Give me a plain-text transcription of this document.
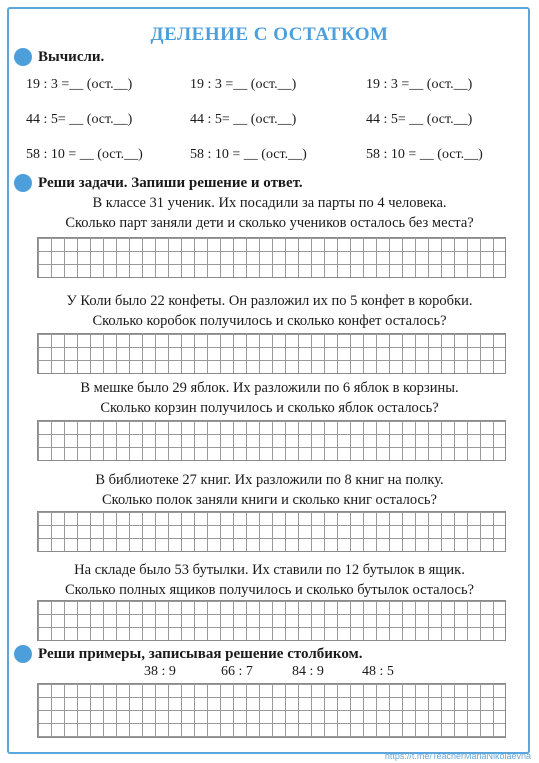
ДЕЛЕНИЕ С ОСТАТКОМ
Вычисли.
19 : 3 =__ (ост.__)	19 : 3 =__ (ост.__)	19 : 3 =__ (ост.__)
44 : 5= __ (ост.__)	44 : 5= __ (ост.__)	44 : 5= __ (ост.__)
58 : 10 = __ (ост.__)	58 : 10 = __ (ост.__)	58 : 10 = __ (ост.__)
Реши задачи. Запиши решение и ответ.
В классе 31 ученик. Их посадили за парты по 4 человека.
Сколько парт заняли дети и сколько учеников осталось без места?
У Коли было 22 конфеты. Он разложил их по 5 конфет в коробки.
Сколько коробок получилось и сколько конфет осталось?
В мешке было 29 яблок. Их разложили по 6 яблок в корзины.
Сколько корзин получилось и сколько яблок осталось?
В библиотеке 27 книг. Их разложили по 8 книг на полку.
Сколько полок заняли книги и сколько книг осталось?
На складе было 53 бутылки. Их ставили по 12 бутылок в ящик.
Сколько полных ящиков получилось и сколько бутылок осталось?
Реши примеры, записывая решение столбиком.
38 : 9	66 : 7	84 : 9	48 : 5
https://t.me/TeacherMariaNikolaevna
